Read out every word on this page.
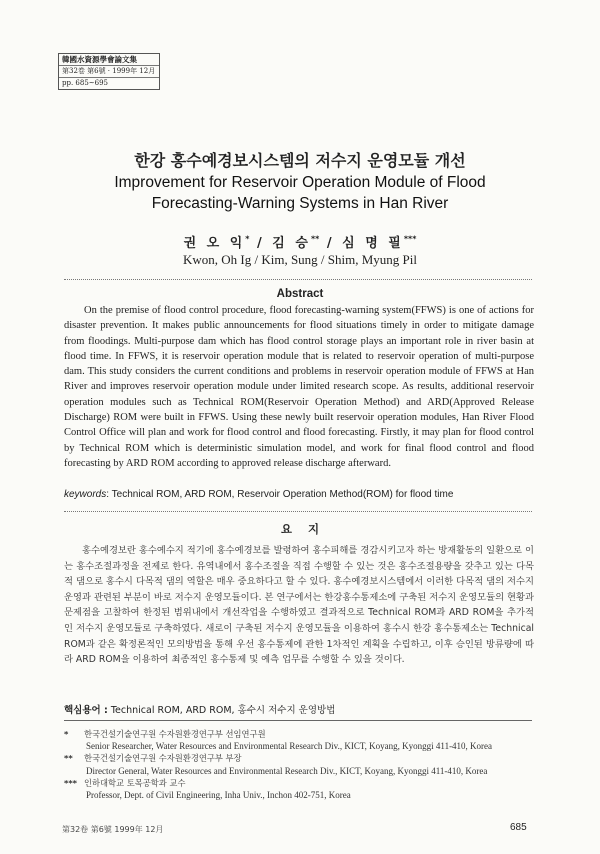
韓國水資源學會論文集
第32卷 第6號 · 1999年 12月
pp. 685~695
한강 홍수예경보시스템의 저수지 운영모듈 개선
Improvement for Reservoir Operation Module of Flood
Forecasting-Warning Systems in Han River
권 오 익* / 김 승** / 심 명 필***
Kwon, Oh Ig / Kim, Sung / Shim, Myung Pil
Abstract

On the premise of flood control procedure, flood forecasting-warning system(FFWS) is one of actions for disaster prevention. It makes public announcements for flood situations timely in order to mitigate damage from floodings. Multi-purpose dam which has flood control storage plays an important role in river basin at flood time. In FFWS, it is reservoir operation module that is related to reservoir operation of multi-purpose dam. This study considers the current conditions and problems in reservoir operation module of FFWS at Han River and improves reservoir operation module under limited research scope. As results, additional reservoir operation modules such as Technical ROM(Reservoir Operation Method) and ARD(Approved Release Discharge) ROM were built in FFWS. Using these newly built reservoir operation modules, Han River Flood Control Office will plan and work for flood control and flood forecasting. Firstly, it may plan for flood control by Technical ROM which is deterministic simulation model, and work for final flood control and flood forecasting by ARD ROM according to approved release discharge afterward.

keywords: Technical ROM, ARD ROM, Reservoir Operation Method(ROM) for flood time
요    지

홍수예경보란 홍수예수지 적기에 홍수예경보를 발령하여 홍수피해를 경감시키고자 하는 방재활동의 일환으로 이는 홍수조절과정을 전제로 한다. 유역내에서 홍수조절을 직접 수행할 수 있는 것은 홍수조절용량을 갖추고 있는 다목적 댐으로 홍수시 다목적 댐의 역할은 매우 중요하다고 할 수 있다. 홍수예경보시스템에서 이러한 다목적 댐의 저수지 운영과 관련된 부분이 바로 저수지 운영모듈이다. 본 연구에서는 한강홍수통제소에 구축된 저수지 운영모듈의 현황과 문제점을 고찰하여 한정된 범위내에서 개선작업을 수행하였고 결과적으로 Technical ROM과 ARD ROM을 추가적인 저수지 운영모듈로 구축하였다. 새로이 구축된 저수지 운영모듈을 이용하여 홍수시 한강 홍수통제소는 Technical ROM과 같은 확정론적인 모의방법을 통해 우선 홍수통제에 관한 1차적인 계획을 수립하고, 이후 승인된 방류량에 따라 ARD ROM을 이용하여 최종적인 홍수통제 및 예측 업무를 수행할 수 있을 것이다.

핵심용어 : Technical ROM, ARD ROM, 홍수시 저수지 운영방법
* 한국건설기술연구원 수자원환경연구부 선임연구원
Senior Researcher, Water Resources and Environmental Research Div., KICT, Koyang, Kyonggi 411-410, Korea
** 한국건설기술연구원 수자원환경연구부 부장
Director General, Water Resources and Environmental Research Div., KICT, Koyang, Kyonggi 411-410, Korea
*** 인하대학교 토목공학과 교수
Professor, Dept. of Civil Engineering, Inha Univ., Inchon 402-751, Korea
第32卷 第6號 1999年 12月	685
